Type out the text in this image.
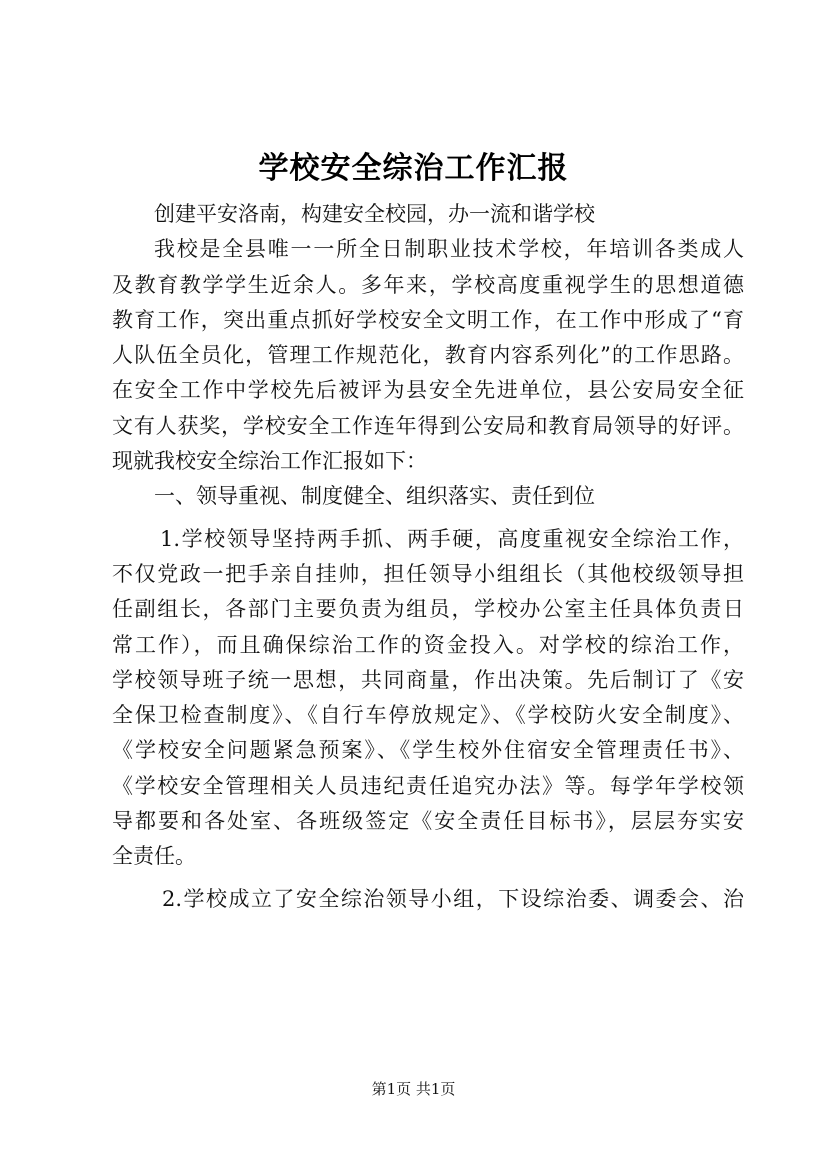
学校安全综治工作汇报
创建平安洛南，构建安全校园，办一流和谐学校
我校是全县唯一一所全日制职业技术学校，年培训各类成人
及教育教学学生近余人。多年来，学校高度重视学生的思想道德
教育工作，突出重点抓好学校安全文明工作，在工作中形成了“育
人队伍全员化，管理工作规范化，教育内容系列化”的工作思路。
在安全工作中学校先后被评为县安全先进单位，县公安局安全征
文有人获奖，学校安全工作连年得到公安局和教育局领导的好评。
现就我校安全综治工作汇报如下：
一、领导重视、制度健全、组织落实、责任到位
1.学校领导坚持两手抓、两手硬，高度重视安全综治工作，
不仅党政一把手亲自挂帅，担任领导小组组长（其他校级领导担
任副组长，各部门主要负责为组员，学校办公室主任具体负责日
常工作），而且确保综治工作的资金投入。对学校的综治工作，
学校领导班子统一思想，共同商量，作出决策。先后制订了《安
全保卫检查制度》、《自行车停放规定》、《学校防火安全制度》、
《学校安全问题紧急预案》、《学生校外住宿安全管理责任书》、
《学校安全管理相关人员违纪责任追究办法》等。每学年学校领
导都要和各处室、各班级签定《安全责任目标书》，层层夯实安
全责任。
2.学校成立了安全综治领导小组，下设综治委、调委会、治
第1页 共1页
